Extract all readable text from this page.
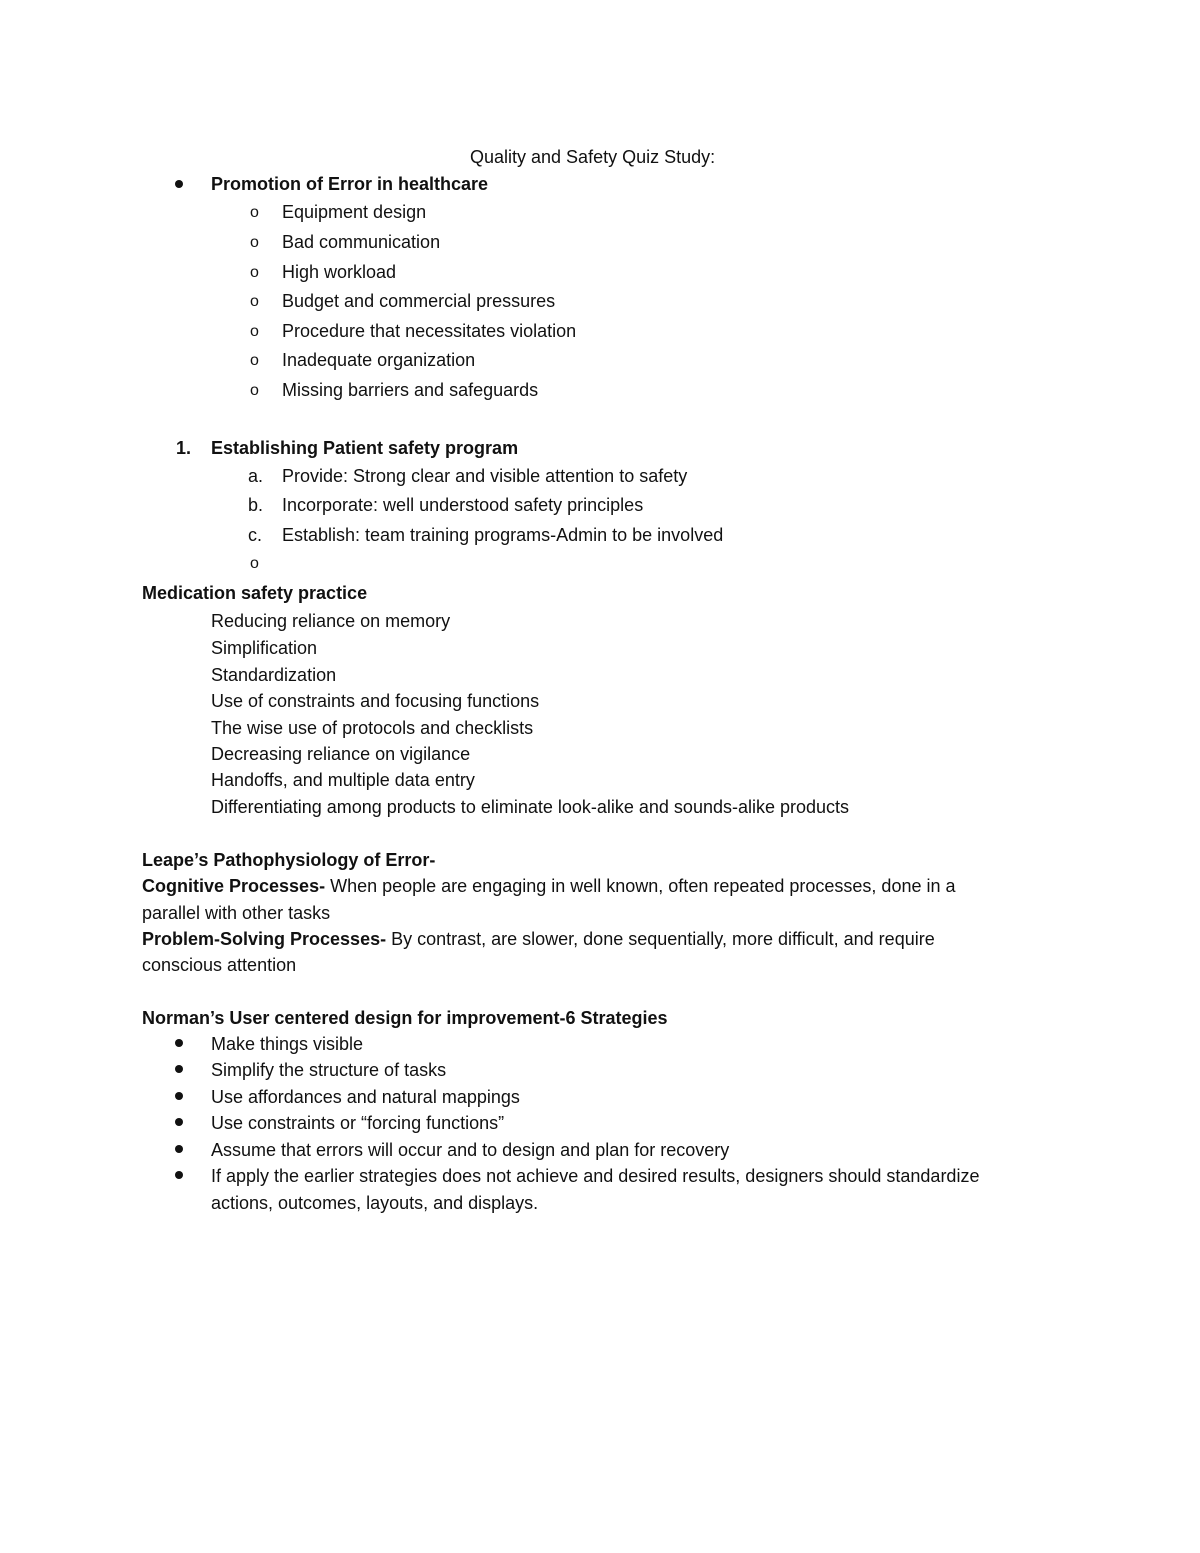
Quality and Safety Quiz Study:
Promotion of Error in healthcare
o Equipment design
o Bad communication
o High workload
o Budget and commercial pressures
o Procedure that necessitates violation
o Inadequate organization
o Missing barriers and safeguards
1. Establishing Patient safety program
a. Provide: Strong clear and visible attention to safety
b. Incorporate: well understood safety principles
c. Establish: team training programs-Admin to be involved
o
Medication safety practice
Reducing reliance on memory
Simplification
Standardization
Use of constraints and focusing functions
The wise use of protocols and checklists
Decreasing reliance on vigilance
Handoffs, and multiple data entry
Differentiating among products to eliminate look-alike and sounds-alike products
Leape’s Pathophysiology of Error-
Cognitive Processes- When people are engaging in well known, often repeated processes, done in a
parallel with other tasks
Problem-Solving Processes- By contrast, are slower, done sequentially, more difficult, and require
conscious attention
Norman’s User centered design for improvement-6 Strategies
Make things visible
Simplify the structure of tasks
Use affordances and natural mappings
Use constraints or “forcing functions”
Assume that errors will occur and to design and plan for recovery
If apply the earlier strategies does not achieve and desired results, designers should standardize
actions, outcomes, layouts, and displays.
